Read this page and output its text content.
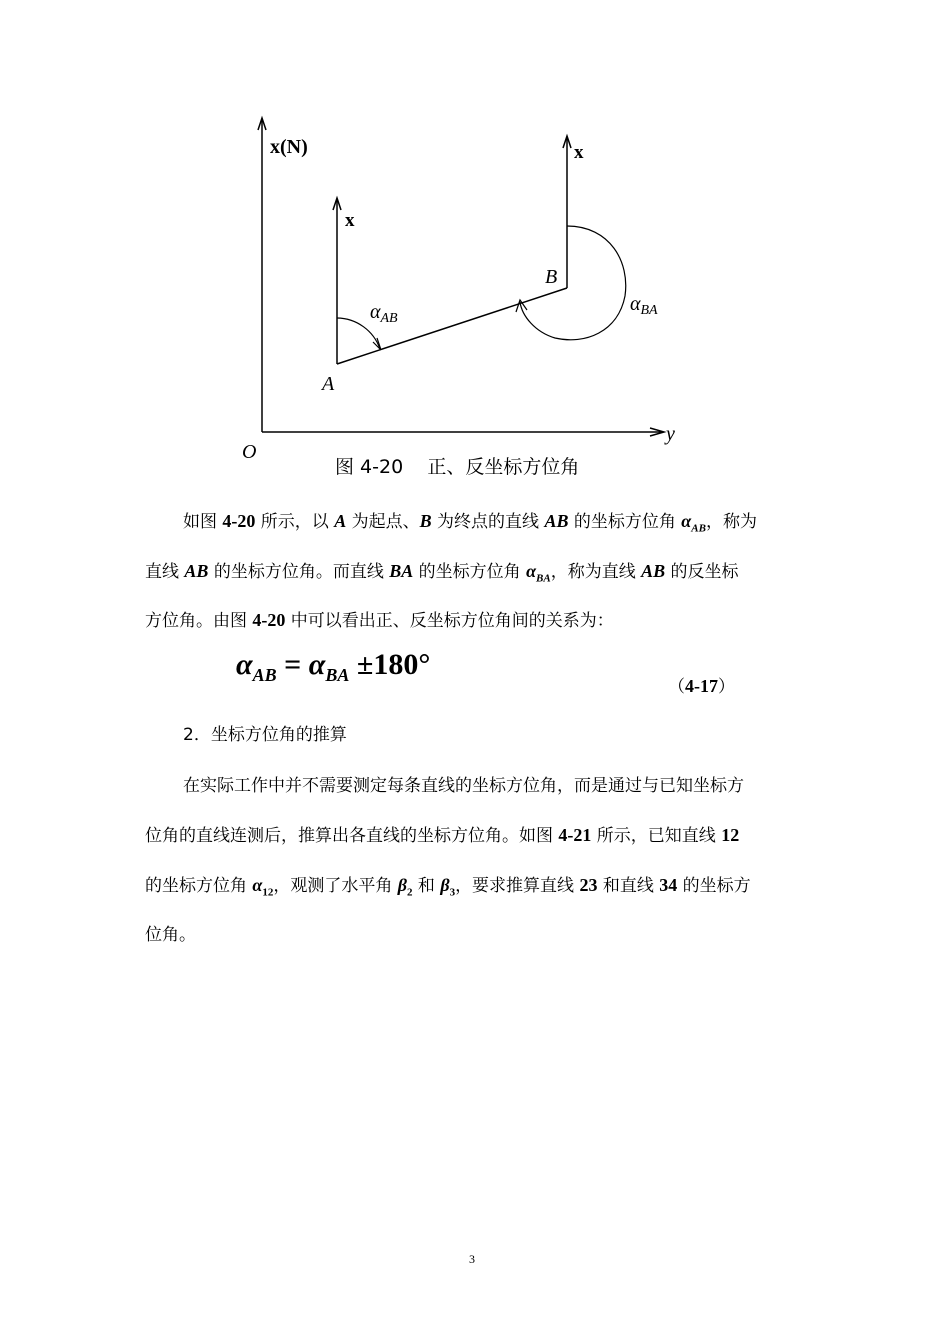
x(N)
x
x
y
O
A
B
$\alpha_{AB}$
$\alpha_{BA}$
图 4-20    正、反坐标方位角
如图 4-20 所示，以 A 为起点、B 为终点的直线 AB 的坐标方位角 $\alpha_{AB}$，称为
直线 AB 的坐标方位角。而直线 BA 的坐标方位角 $\alpha_{BA}$，称为直线 AB 的反坐标
方位角。由图 4-20 中可以看出正、反坐标方位角间的关系为：
$\alpha_{AB} = \alpha_{BA} \pm 180^\circ$
（4-17）
2．坐标方位角的推算
在实际工作中并不需要测定每条直线的坐标方位角，而是通过与已知坐标方
位角的直线连测后，推算出各直线的坐标方位角。如图 4-21 所示，已知直线 12
的坐标方位角 $\alpha_{12}$，观测了水平角 $\beta_2$ 和 $\beta_3$，要求推算直线 23 和直线 34 的坐标方
位角。
3
